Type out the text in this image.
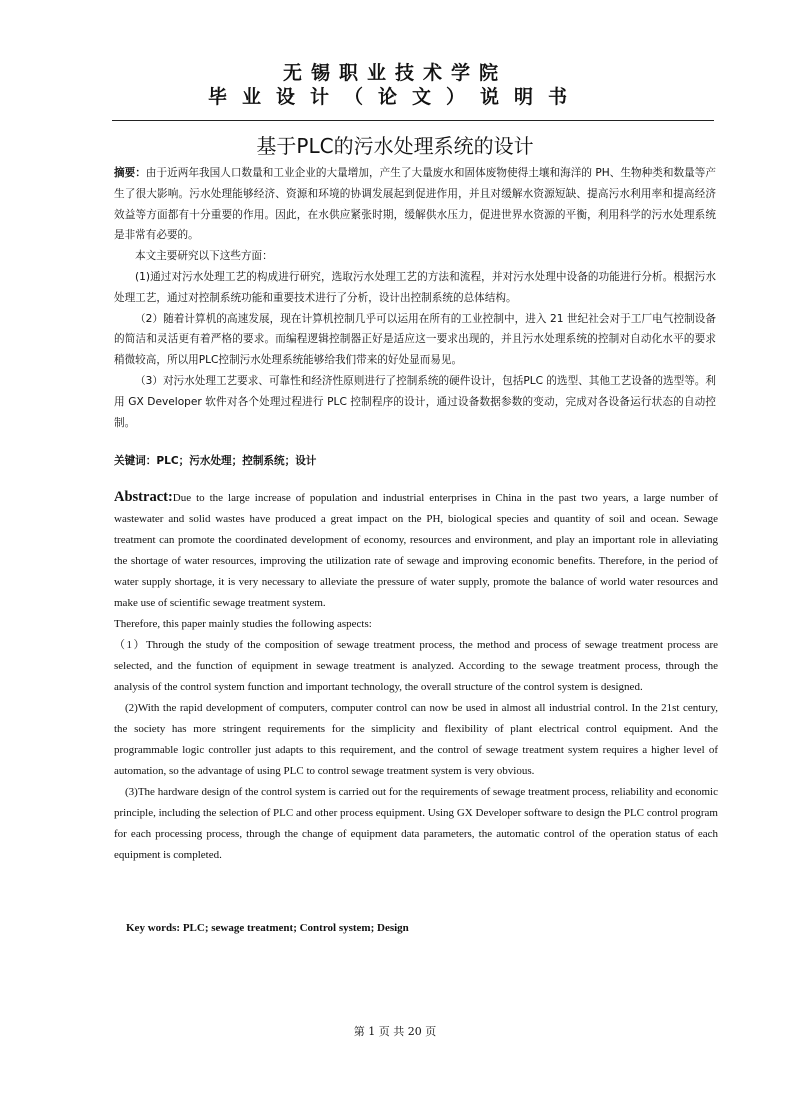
无锡职业技术学院
毕业设计（论文）说明书
基于PLC的污水处理系统的设计

摘要：由于近两年我国人口数量和工业企业的大量增加，产生了大量废水和固体废物使得土壤和海洋的 PH、生物种类和数量等产生了很大影响。污水处理能够经济、资源和环境的协调发展起到促进作用，并且对缓解水资源短缺、提高污水利用率和提高经济效益等方面都有十分重要的作用。因此，在水供应紧张时期，缓解供水压力，促进世界水资源的平衡，利用科学的污水处理系统是非常有必要的。

本文主要研究以下这些方面：

(1)通过对污水处理工艺的构成进行研究，选取污水处理工艺的方法和流程，并对污水处理中设备的功能进行分析。根据污水处理工艺，通过对控制系统功能和重要技术进行了分析，设计出控制系统的总体结构。

（2）随着计算机的高速发展，现在计算机控制几乎可以运用在所有的工业控制中，进入 21 世纪社会对于工厂电气控制设备的简洁和灵活更有着严格的要求。而编程逻辑控制器正好是适应这一要求出现的，并且污水处理系统的控制对自动化水平的要求稍微较高，所以用PLC控制污水处理系统能够给我们带来的好处显而易见。

（3）对污水处理工艺要求、可靠性和经济性原则进行了控制系统的硬件设计，包括PLC 的选型、其他工艺设备的选型等。利用 GX Developer 软件对各个处理过程进行 PLC 控制程序的设计，通过设备数据参数的变动，完成对各设备运行状态的自动控制。

关键词：PLC；污水处理；控制系统；设计

Abstract:Due to the large increase of population and industrial enterprises in China in the past two years, a large number of wastewater and solid wastes have produced a great impact on the PH, biological species and quantity of soil and ocean. Sewage treatment can promote the coordinated development of economy, resources and environment, and play an important role in alleviating the shortage of water resources, improving the utilization rate of sewage and improving economic benefits. Therefore, in the period of water supply shortage, it is very necessary to alleviate the pressure of water supply, promote the balance of world water resources and make use of scientific sewage treatment system.

Therefore, this paper mainly studies the following aspects:

（1）Through the study of the composition of sewage treatment process, the method and process of sewage treatment process are selected, and the function of equipment in sewage treatment is analyzed. According to the sewage treatment process, through the analysis of the control system function and important technology, the overall structure of the control system is designed.

(2)With the rapid development of computers, computer control can now be used in almost all industrial control. In the 21st century, the society has more stringent requirements for the simplicity and flexibility of plant electrical control equipment. And the programmable logic controller just adapts to this requirement, and the control of sewage treatment system requires a higher level of automation, so the advantage of using PLC to control sewage treatment system is very obvious.

(3)The hardware design of the control system is carried out for the requirements of sewage treatment process, reliability and economic principle, including the selection of PLC and other process equipment. Using GX Developer software to design the PLC control program for each processing process, through the change of equipment data parameters, the automatic control of the operation status of each equipment is completed.

Key words: PLC; sewage treatment; Control system; Design
第 1 页 共 20 页
